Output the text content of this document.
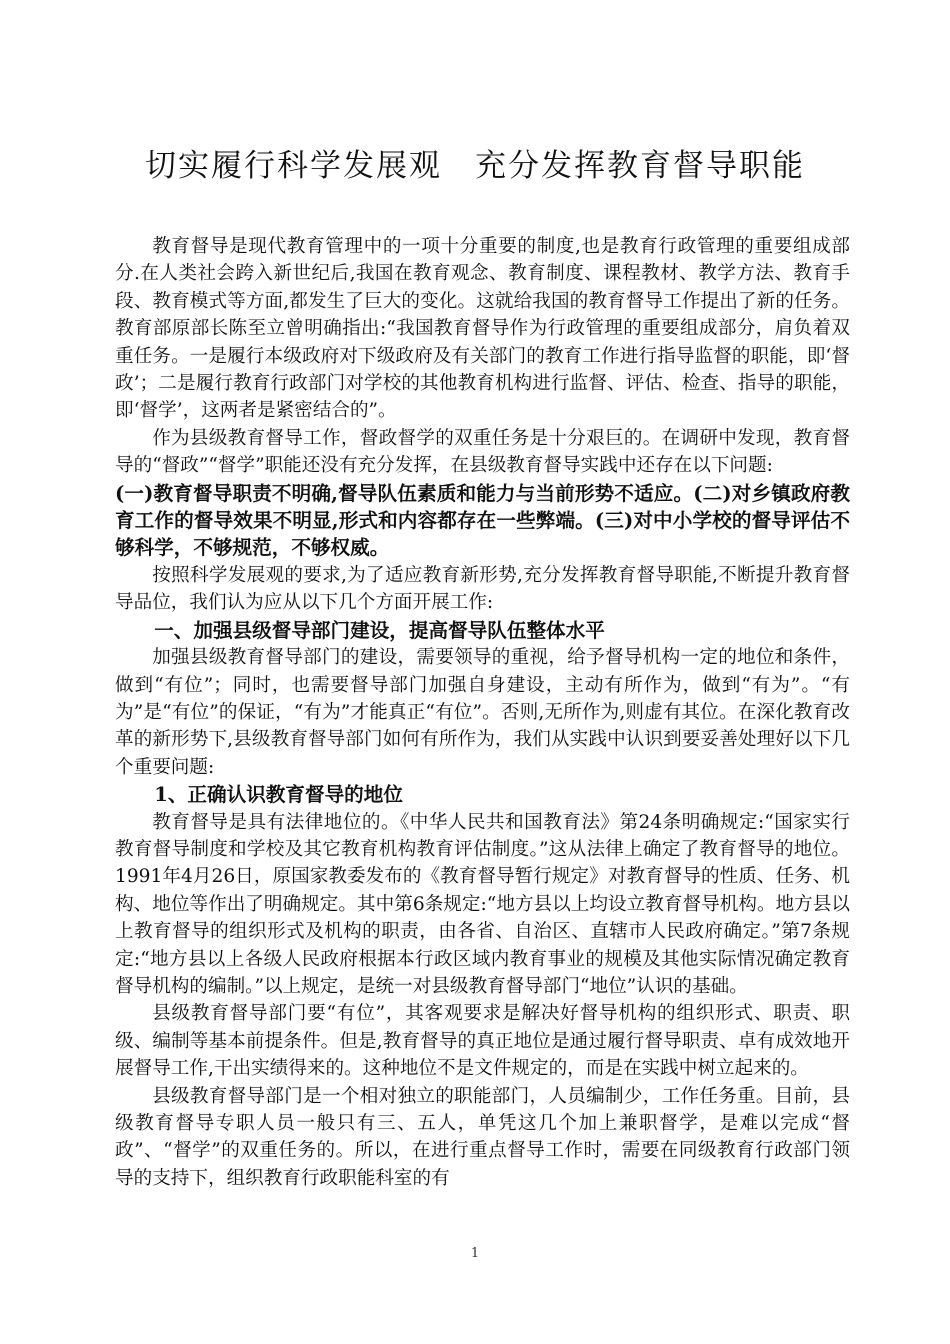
切实履行科学发展观　充分发挥教育督导职能

教育督导是现代教育管理中的一项十分重要的制度,也是教育行政管理的重要组成部分.在人类社会跨入新世纪后,我国在教育观念、教育制度、课程教材、教学方法、教育手段、教育模式等方面,都发生了巨大的变化。这就给我国的教育督导工作提出了新的任务。教育部原部长陈至立曾明确指出:“我国教育督导作为行政管理的重要组成部分，肩负着双重任务。一是履行本级政府对下级政府及有关部门的教育工作进行指导监督的职能，即‘督政’；二是履行教育行政部门对学校的其他教育机构进行监督、评估、检查、指导的职能，即‘督学’，这两者是紧密结合的”。

作为县级教育督导工作，督政督学的双重任务是十分艰巨的。在调研中发现，教育督导的“督政”“督学”职能还没有充分发挥，在县级教育督导实践中还存在以下问题:

(一)教育督导职责不明确,督导队伍素质和能力与当前形势不适应。(二)对乡镇政府教育工作的督导效果不明显,形式和内容都存在一些弊端。(三)对中小学校的督导评估不够科学，不够规范，不够权威。

按照科学发展观的要求,为了适应教育新形势,充分发挥教育督导职能,不断提升教育督导品位，我们认为应从以下几个方面开展工作:

一、加强县级督导部门建设，提高督导队伍整体水平

加强县级教育督导部门的建设，需要领导的重视，给予督导机构一定的地位和条件，做到“有位”；同时，也需要督导部门加强自身建设，主动有所作为，做到“有为”。“有为”是“有位”的保证，“有为”才能真正“有位”。否则,无所作为,则虚有其位。在深化教育改革的新形势下,县级教育督导部门如何有所作为，我们从实践中认识到要妥善处理好以下几个重要问题:

1、正确认识教育督导的地位

教育督导是具有法律地位的。《中华人民共和国教育法》第24条明确规定:“国家实行教育督导制度和学校及其它教育机构教育评估制度。”这从法律上确定了教育督导的地位。1991年4月26日，原国家教委发布的《教育督导暂行规定》对教育督导的性质、任务、机构、地位等作出了明确规定。其中第6条规定:“地方县以上均设立教育督导机构。地方县以上教育督导的组织形式及机构的职责，由各省、自治区、直辖市人民政府确定。”第7条规定:“地方县以上各级人民政府根据本行政区域内教育事业的规模及其他实际情况确定教育督导机构的编制。”以上规定，是统一对县级教育督导部门“地位”认识的基础。

县级教育督导部门要“有位”，其客观要求是解决好督导机构的组织形式、职责、职级、编制等基本前提条件。但是,教育督导的真正地位是通过履行督导职责、卓有成效地开展督导工作,干出实绩得来的。这种地位不是文件规定的，而是在实践中树立起来的。

县级教育督导部门是一个相对独立的职能部门，人员编制少，工作任务重。目前，县级教育督导专职人员一般只有三、五人，单凭这几个加上兼职督学，是难以完成“督政”、“督学”的双重任务的。所以，在进行重点督导工作时，需要在同级教育行政部门领导的支持下，组织教育行政职能科室的有

1
